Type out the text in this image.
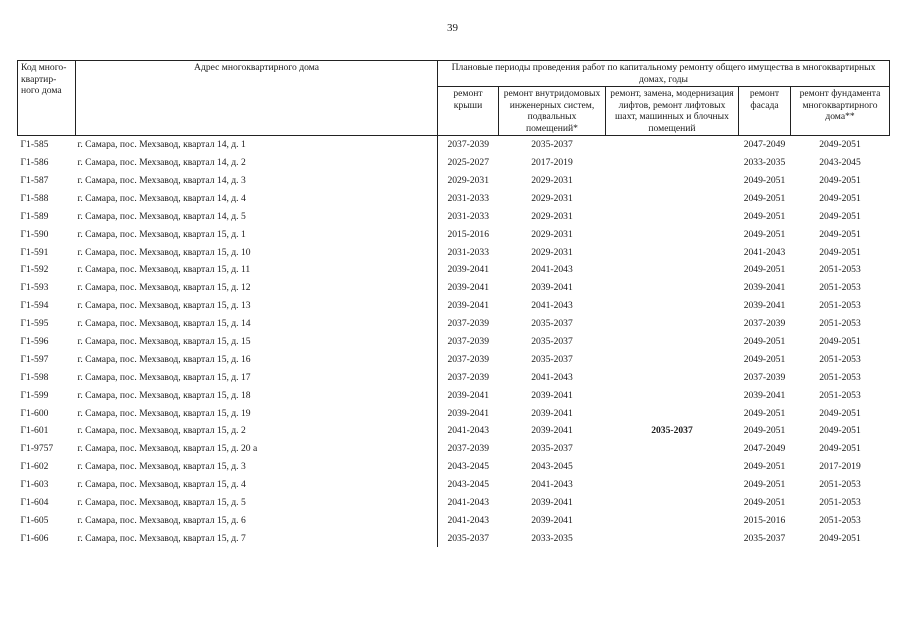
39
Код много-квартир-ного дома	Адрес многоквартирного дома	Плановые периоды проведения работ по капитальному ремонту общего имущества в многоквартирных домах, годы				
		ремонт крыши	ремонт внутридомовых инженерных систем, подвальных помещений*	ремонт, замена, модернизация лифтов, ремонт лифтовых шахт, машинных и блочных помещений	ремонт фасада	ремонт фундамента многоквартирного дома**
Г1-585	г. Самара, пос. Мехзавод, квартал 14, д. 1	2037-2039	2035-2037		2047-2049	2049-2051
Г1-586	г. Самара, пос. Мехзавод, квартал 14, д. 2	2025-2027	2017-2019		2033-2035	2043-2045
Г1-587	г. Самара, пос. Мехзавод, квартал 14, д. 3	2029-2031	2029-2031		2049-2051	2049-2051
Г1-588	г. Самара, пос. Мехзавод, квартал 14, д. 4	2031-2033	2029-2031		2049-2051	2049-2051
Г1-589	г. Самара, пос. Мехзавод, квартал 14, д. 5	2031-2033	2029-2031		2049-2051	2049-2051
Г1-590	г. Самара, пос. Мехзавод, квартал 15, д. 1	2015-2016	2029-2031		2049-2051	2049-2051
Г1-591	г. Самара, пос. Мехзавод, квартал 15, д. 10	2031-2033	2029-2031		2041-2043	2049-2051
Г1-592	г. Самара, пос. Мехзавод, квартал 15, д. 11	2039-2041	2041-2043		2049-2051	2051-2053
Г1-593	г. Самара, пос. Мехзавод, квартал 15, д. 12	2039-2041	2039-2041		2039-2041	2051-2053
Г1-594	г. Самара, пос. Мехзавод, квартал 15, д. 13	2039-2041	2041-2043		2039-2041	2051-2053
Г1-595	г. Самара, пос. Мехзавод, квартал 15, д. 14	2037-2039	2035-2037		2037-2039	2051-2053
Г1-596	г. Самара, пос. Мехзавод, квартал 15, д. 15	2037-2039	2035-2037		2049-2051	2049-2051
Г1-597	г. Самара, пос. Мехзавод, квартал 15, д. 16	2037-2039	2035-2037		2049-2051	2051-2053
Г1-598	г. Самара, пос. Мехзавод, квартал 15, д. 17	2037-2039	2041-2043		2037-2039	2051-2053
Г1-599	г. Самара, пос. Мехзавод, квартал 15, д. 18	2039-2041	2039-2041		2039-2041	2051-2053
Г1-600	г. Самара, пос. Мехзавод, квартал 15, д. 19	2039-2041	2039-2041		2049-2051	2049-2051
Г1-601	г. Самара, пос. Мехзавод, квартал 15, д. 2	2041-2043	2039-2041	2035-2037	2049-2051	2049-2051
Г1-9757	г. Самара, пос. Мехзавод, квартал 15, д. 20 а	2037-2039	2035-2037		2047-2049	2049-2051
Г1-602	г. Самара, пос. Мехзавод, квартал 15, д. 3	2043-2045	2043-2045		2049-2051	2017-2019
Г1-603	г. Самара, пос. Мехзавод, квартал 15, д. 4	2043-2045	2041-2043		2049-2051	2051-2053
Г1-604	г. Самара, пос. Мехзавод, квартал 15, д. 5	2041-2043	2039-2041		2049-2051	2051-2053
Г1-605	г. Самара, пос. Мехзавод, квартал 15, д. 6	2041-2043	2039-2041		2015-2016	2051-2053
Г1-606	г. Самара, пос. Мехзавод, квартал 15, д. 7	2035-2037	2033-2035		2035-2037	2049-2051
